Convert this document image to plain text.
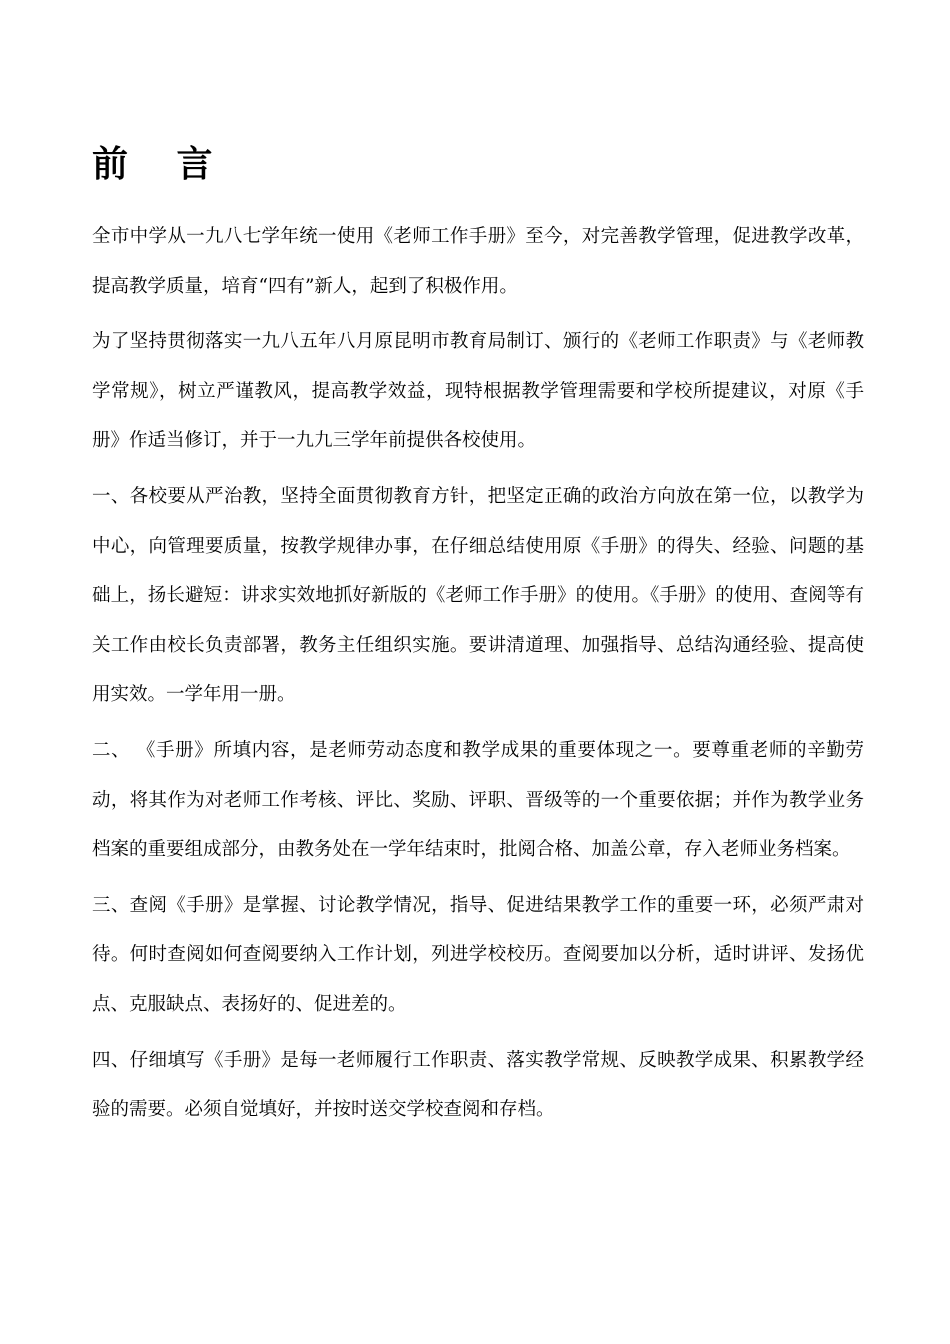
前 言

全市中学从一九八七学年统一使用《老师工作手册》至今，对完善教学管理，促进教学改革，提高教学质量，培育“四有”新人，起到了积极作用。

为了坚持贯彻落实一九八五年八月原昆明市教育局制订、颁行的《老师工作职责》与《老师教学常规》，树立严谨教风，提高教学效益，现特根据教学管理需要和学校所提建议，对原《手册》作适当修订，并于一九九三学年前提供各校使用。

一、各校要从严治教，坚持全面贯彻教育方针，把坚定正确的政治方向放在第一位，以教学为中心，向管理要质量，按教学规律办事，在仔细总结使用原《手册》的得失、经验、问题的基础上，扬长避短：讲求实效地抓好新版的《老师工作手册》的使用。《手册》的使用、查阅等有关工作由校长负责部署，教务主任组织实施。要讲清道理、加强指导、总结沟通经验、提高使用实效。一学年用一册。

二、 《手册》所填内容，是老师劳动态度和教学成果的重要体现之一。要尊重老师的辛勤劳动，将其作为对老师工作考核、评比、奖励、评职、晋级等的一个重要依据；并作为教学业务档案的重要组成部分，由教务处在一学年结束时，批阅合格、加盖公章，存入老师业务档案。

三、查阅《手册》是掌握、讨论教学情况，指导、促进结果教学工作的重要一环，必须严肃对待。何时查阅如何查阅要纳入工作计划，列进学校校历。查阅要加以分析，适时讲评、发扬优点、克服缺点、表扬好的、促进差的。

四、仔细填写《手册》是每一老师履行工作职责、落实教学常规、反映教学成果、积累教学经验的需要。必须自觉填好，并按时送交学校查阅和存档。
